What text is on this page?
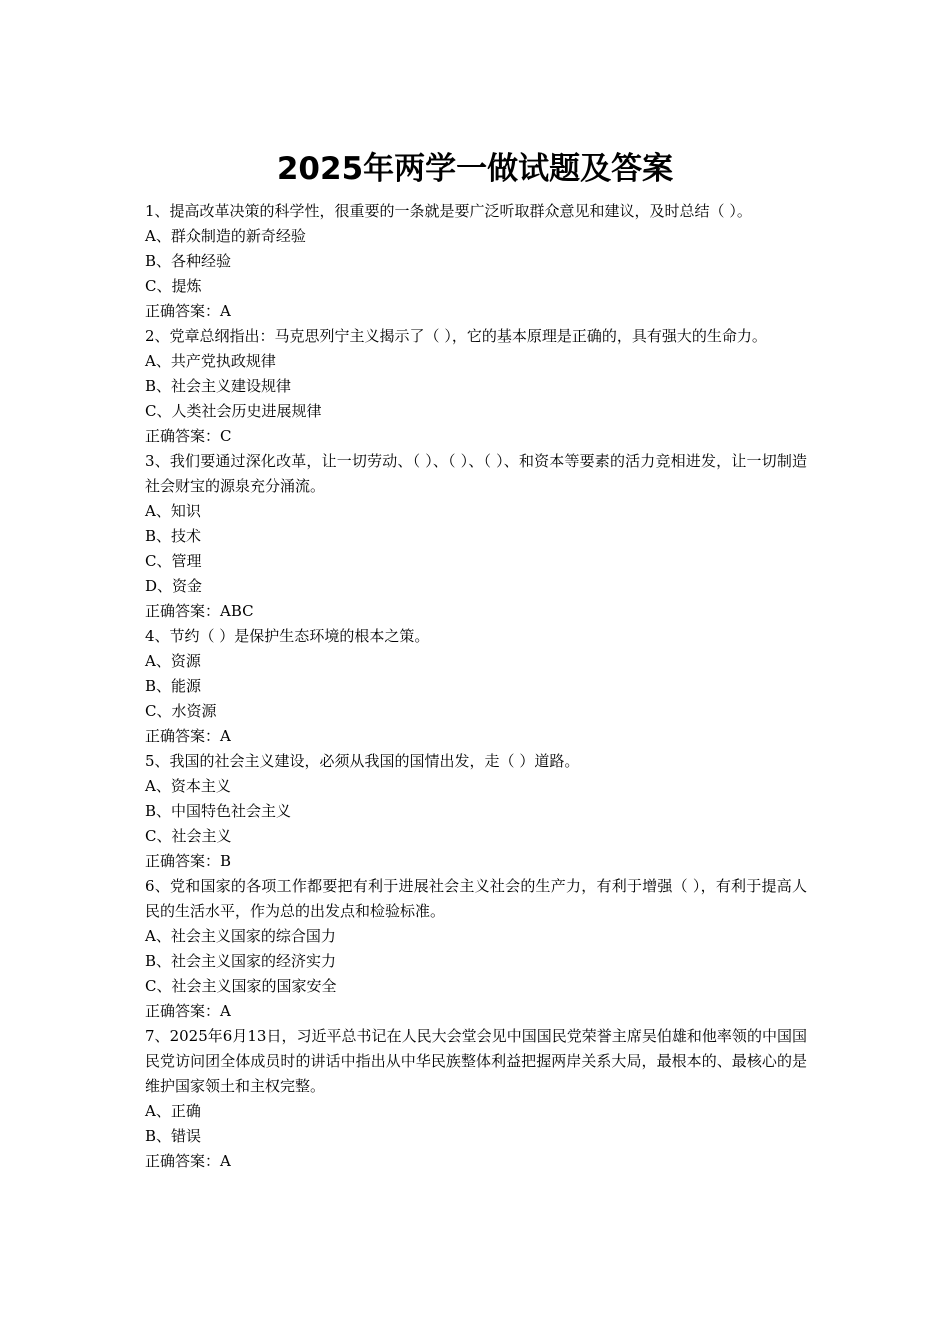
2025年两学一做试题及答案

1、提高改革决策的科学性，很重要的一条就是要广泛听取群众意见和建议，及时总结（ ）。

A、群众制造的新奇经验

B、各种经验

C、提炼

正确答案：A

2、党章总纲指出：马克思列宁主义揭示了（ ），它的基本原理是正确的，具有强大的生命力。

A、共产党执政规律

B、社会主义建设规律

C、人类社会历史进展规律

正确答案：C

3、我们要通过深化改革，让一切劳动、（ ）、（ ）、（ ）、和资本等要素的活力竞相进发，让一切制造社会财宝的源泉充分涌流。

A、知识

B、技术

C、管理

D、资金

正确答案：ABC

4、节约（ ）是保护生态环境的根本之策。

A、资源

B、能源

C、水资源

正确答案：A

5、我国的社会主义建设，必须从我国的国情出发，走（ ）道路。

A、资本主义

B、中国特色社会主义

C、社会主义

正确答案：B

6、党和国家的各项工作都要把有利于进展社会主义社会的生产力，有利于增强（ ），有利于提高人民的生活水平，作为总的出发点和检验标准。

A、社会主义国家的综合国力

B、社会主义国家的经济实力

C、社会主义国家的国家安全

正确答案：A

7、2025年6月13日，习近平总书记在人民大会堂会见中国国民党荣誉主席吴伯雄和他率领的中国国民党访问团全体成员时的讲话中指出从中华民族整体利益把握两岸关系大局，最根本的、最核心的是维护国家领土和主权完整。

A、正确

B、错误

正确答案：A
